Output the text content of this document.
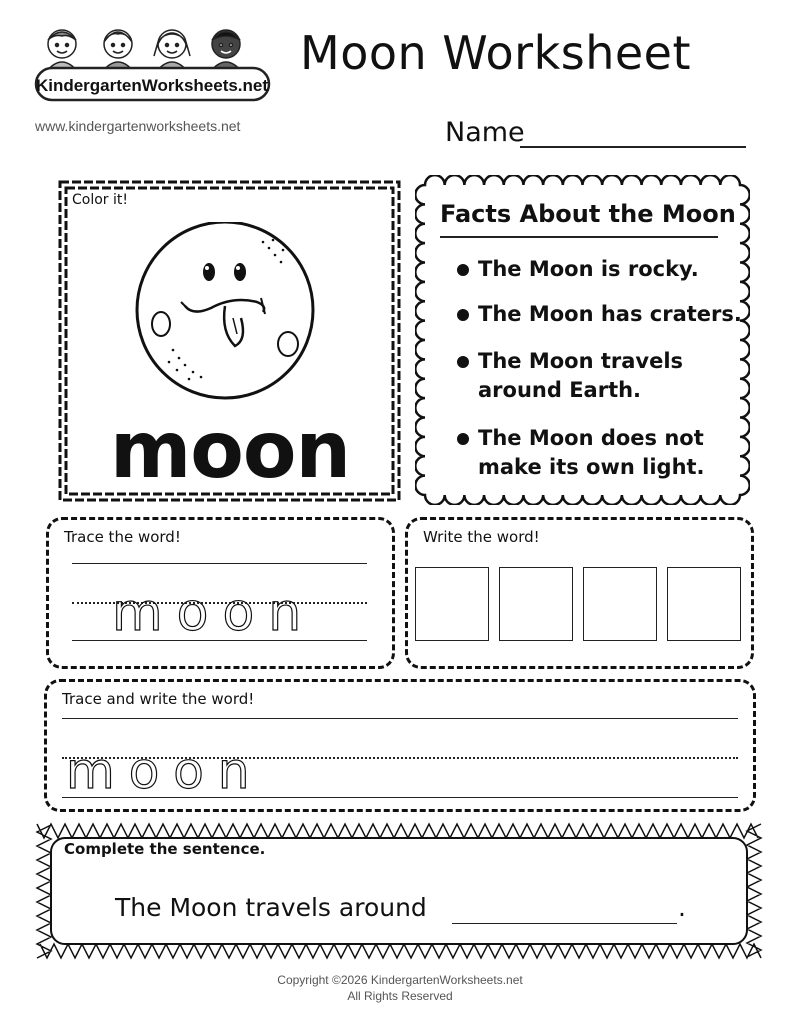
KindergartenWorksheets.net
www.kindergartenworksheets.net
Moon Worksheet
Name
Color it!
moon
Facts About the Moon
The Moon is rocky.
The Moon has craters.
The Moon travels
around Earth.
The Moon does not
make its own light.
Trace the word!
moon
Write the word!
Trace and write the word!
moon
Complete the sentence.
The Moon travels around	.
Copyright ©2026 KindergartenWorksheets.net
All Rights Reserved
